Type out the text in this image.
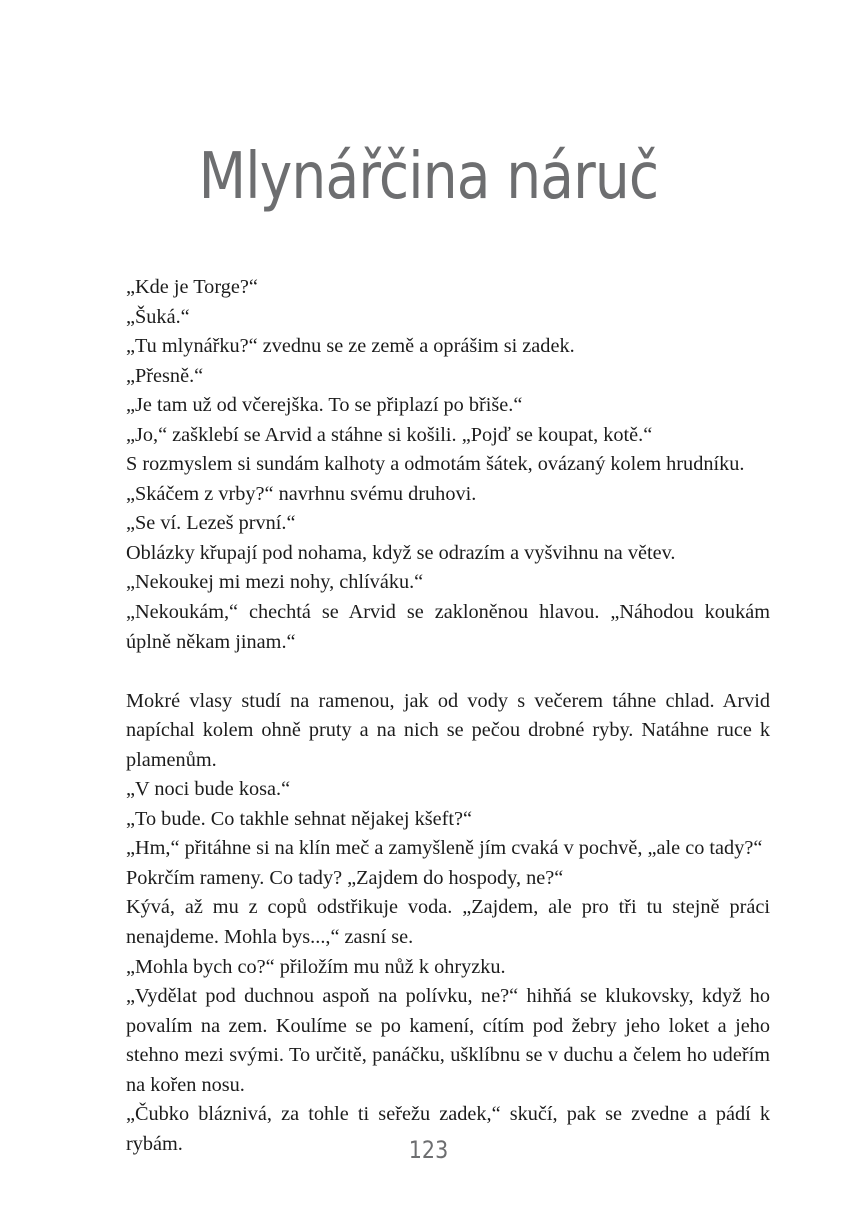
Mlynářčina náruč

„Kde je Torge?“

„Šuká.“

„Tu mlynářku?“ zvednu se ze země a oprášim si zadek.

„Přesně.“

„Je tam už od včerejška. To se připlazí po břiše.“

„Jo,“ zašklebí se Arvid a stáhne si košili. „Pojď se koupat, kotě.“

S rozmyslem si sundám kalhoty a odmotám šátek, ovázaný kolem hrudníku.

„Skáčem z vrby?“ navrhnu svému druhovi.

„Se ví. Lezeš první.“

Oblázky křupají pod nohama, když se odrazím a vyšvihnu na větev.

„Nekoukej mi mezi nohy, chlíváku.“

„Nekoukám,“ chechtá se Arvid se zakloněnou hlavou. „Náhodou koukám úplně někam jinam.“

Mokré vlasy studí na ramenou, jak od vody s večerem táhne chlad. Arvid napíchal kolem ohně pruty a na nich se pečou drobné ryby. Natáhne ruce k plamenům.

„V noci bude kosa.“

„To bude. Co takhle sehnat nějakej kšeft?“

„Hm,“ přitáhne si na klín meč a zamyšleně jím cvaká v pochvě, „ale co tady?“

Pokrčím rameny. Co tady? „Zajdem do hospody, ne?“

Kývá, až mu z copů odstřikuje voda. „Zajdem, ale pro tři tu stejně práci nenajdeme. Mohla bys...,“ zasní se.

„Mohla bych co?“ přiložím mu nůž k ohryzku.

„Vydělat pod duchnou aspoň na polívku, ne?“ hihňá se klukovsky, když ho povalím na zem. Koulíme se po kamení, cítím pod žebry jeho loket a jeho stehno mezi svými. To určitě, panáčku, ušklíbnu se v duchu a čelem ho udeřím na kořen nosu.

„Čubko bláznivá, za tohle ti seřežu zadek,“ skučí, pak se zvedne a pádí k rybám.	123
